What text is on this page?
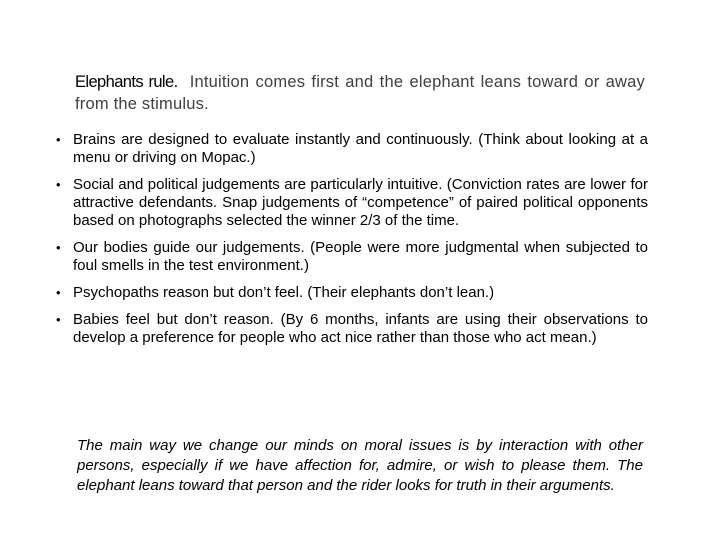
Elephants rule. Intuition comes first and the elephant leans toward or away from the stimulus.
• Brains are designed to evaluate instantly and continuously. (Think about looking at a menu or driving on Mopac.)
• Social and political judgements are particularly intuitive. (Conviction rates are lower for attractive defendants. Snap judgements of “competence” of paired political opponents based on photographs selected the winner 2/3 of the time.
• Our bodies guide our judgements. (People were more judgmental when subjected to foul smells in the test environment.)
• Psychopaths reason but don’t feel. (Their elephants don’t lean.)
• Babies feel but don’t reason. (By 6 months, infants are using their observations to develop a preference for people who act nice rather than those who act mean.)
The main way we change our minds on moral issues is by interaction with other persons, especially if we have affection for, admire, or wish to please them. The elephant leans toward that person and the rider looks for truth in their arguments.
